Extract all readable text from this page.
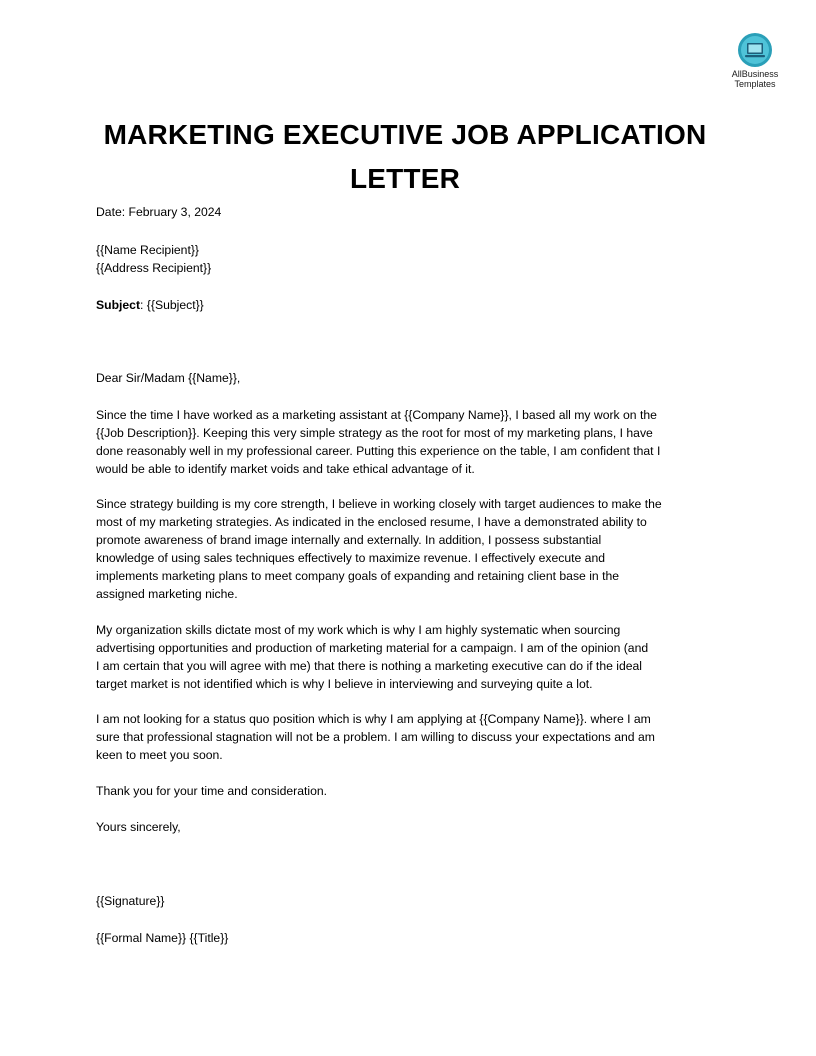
AllBusiness
Templates
MARKETING EXECUTIVE JOB APPLICATION
LETTER

Date: February 3, 2024

{{Name Recipient}}
{{Address Recipient}}

Subject: {{Subject}}

Dear Sir/Madam {{Name}},

Since the time I have worked as a marketing assistant at {{Company Name}}, I based all my work on the
{{Job Description}}. Keeping this very simple strategy as the root for most of my marketing plans, I have
done reasonably well in my professional career. Putting this experience on the table, I am confident that I
would be able to identify market voids and take ethical advantage of it.
Since strategy building is my core strength, I believe in working closely with target audiences to make the
most of my marketing strategies. As indicated in the enclosed resume, I have a demonstrated ability to
promote awareness of brand image internally and externally. In addition, I possess substantial
knowledge of using sales techniques effectively to maximize revenue. I effectively execute and
implements marketing plans to meet company goals of expanding and retaining client base in the
assigned marketing niche.
My organization skills dictate most of my work which is why I am highly systematic when sourcing
advertising opportunities and production of marketing material for a campaign. I am of the opinion (and
I am certain that you will agree with me) that there is nothing a marketing executive can do if the ideal
target market is not identified which is why I believe in interviewing and surveying quite a lot.
I am not looking for a status quo position which is why I am applying at {{Company Name}}. where I am
sure that professional stagnation will not be a problem. I am willing to discuss your expectations and am
keen to meet you soon.

Thank you for your time and consideration.

Yours sincerely,

{{Signature}}

{{Formal Name}} {{Title}}
